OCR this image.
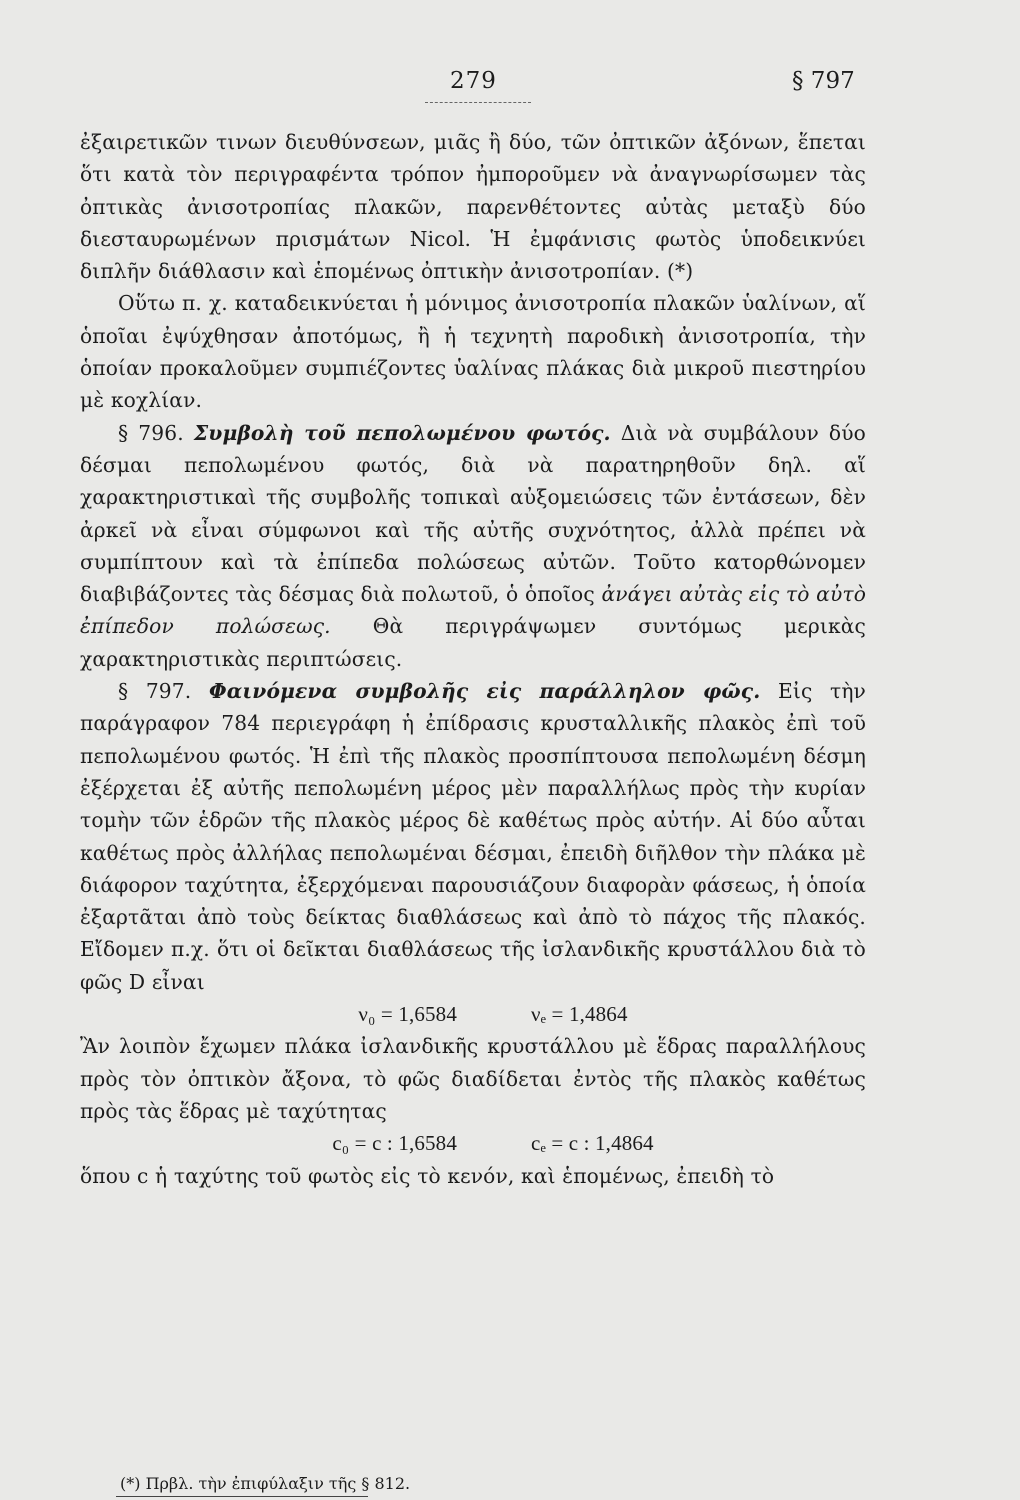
279	§ 797

ἐξαιρετικῶν τινων διευθύνσεων, μιᾶς ἢ δύο, τῶν ὀπτικῶν ἀξόνων, ἕπεται ὅτι κατὰ τὸν περιγραφέντα τρόπον ἠμποροῦμεν νὰ ἀναγνωρίσωμεν τὰς ὀπτικὰς ἀνισοτροπίας πλακῶν, παρενθέτοντες αὐτὰς μεταξὺ δύο διεσταυρωμένων πρισμάτων Nicol. Ἡ ἐμφάνισις φωτὸς ὑποδεικνύει διπλῆν διάθλασιν καὶ ἑπομένως ὀπτικὴν ἀνισοτροπίαν. (*)

Οὕτω π. χ. καταδεικνύεται ἡ μόνιμος ἀνισοτροπία πλακῶν ὑαλίνων, αἵ ὁποῖαι ἐψύχθησαν ἀποτόμως, ἢ ἡ τεχνητὴ παροδικὴ ἀνισοτροπία, τὴν ὁποίαν προκαλοῦμεν συμπιέζοντες ὑαλίνας πλάκας διὰ μικροῦ πιεστηρίου μὲ κοχλίαν.

§ 796. Συμβολὴ τοῦ πεπολωμένου φωτός. Διὰ νὰ συμβάλουν δύο δέσμαι πεπολωμένου φωτός, διὰ νὰ παρατηρηθοῦν δηλ. αἵ χαρακτηριστικαὶ τῆς συμβολῆς τοπικαὶ αὐξομειώσεις τῶν ἐντάσεων, δὲν ἀρκεῖ νὰ εἶναι σύμφωνοι καὶ τῆς αὐτῆς συχνότητος, ἀλλὰ πρέπει νὰ συμπίπτουν καὶ τὰ ἐπίπεδα πολώσεως αὐτῶν. Τοῦτο κατορθώνομεν διαβιβάζοντες τὰς δέσμας διὰ πολωτοῦ, ὁ ὁποῖος ἀνάγει αὐτὰς εἰς τὸ αὐτὸ ἐπίπεδον πολώσεως. Θὰ περιγράψωμεν συντόμως μερικὰς χαρακτηριστικὰς περιπτώσεις.

§ 797. Φαινόμενα συμβολῆς εἰς παράλληλον φῶς. Εἰς τὴν παράγραφον 784 περιεγράφη ἡ ἐπίδρασις κρυσταλλικῆς πλακὸς ἐπὶ τοῦ πεπολωμένου φωτός. Ἡ ἐπὶ τῆς πλακὸς προσπίπτουσα πεπολωμένη δέσμη ἐξέρχεται ἐξ αὐτῆς πεπολωμένη μέρος μὲν παραλλήλως πρὸς τὴν κυρίαν τομὴν τῶν ἑδρῶν τῆς πλακὸς μέρος δὲ καθέτως πρὸς αὐτήν. Αἱ δύο αὗται καθέτως πρὸς ἀλλήλας πεπολωμέναι δέσμαι, ἐπειδὴ διῆλθον τὴν πλάκα μὲ διάφορον ταχύτητα, ἐξερχόμεναι παρουσιάζουν διαφορὰν φάσεως, ἡ ὁποία ἐξαρτᾶται ἀπὸ τοὺς δείκτας διαθλάσεως καὶ ἀπὸ τὸ πάχος τῆς πλακός. Εἴδομεν π.χ. ὅτι οἱ δεῖκται διαθλάσεως τῆς ἰσλανδικῆς κρυστάλλου διὰ τὸ φῶς D εἶναι

ν₀ = 1,6584	νₑ = 1,4864

Ἂν λοιπὸν ἔχωμεν πλάκα ἰσλανδικῆς κρυστάλλου μὲ ἕδρας παραλλήλους πρὸς τὸν ὀπτικὸν ἄξονα, τὸ φῶς διαδίδεται ἐντὸς τῆς πλακὸς καθέτως πρὸς τὰς ἕδρας μὲ ταχύτητας

c₀ = c : 1,6584	cₑ = c : 1,4864

ὅπου c ἡ ταχύτης τοῦ φωτὸς εἰς τὸ κενόν, καὶ ἑπομένως, ἐπειδὴ τὸ

(*) Πρβλ. τὴν ἐπιφύλαξιν τῆς § 812.
